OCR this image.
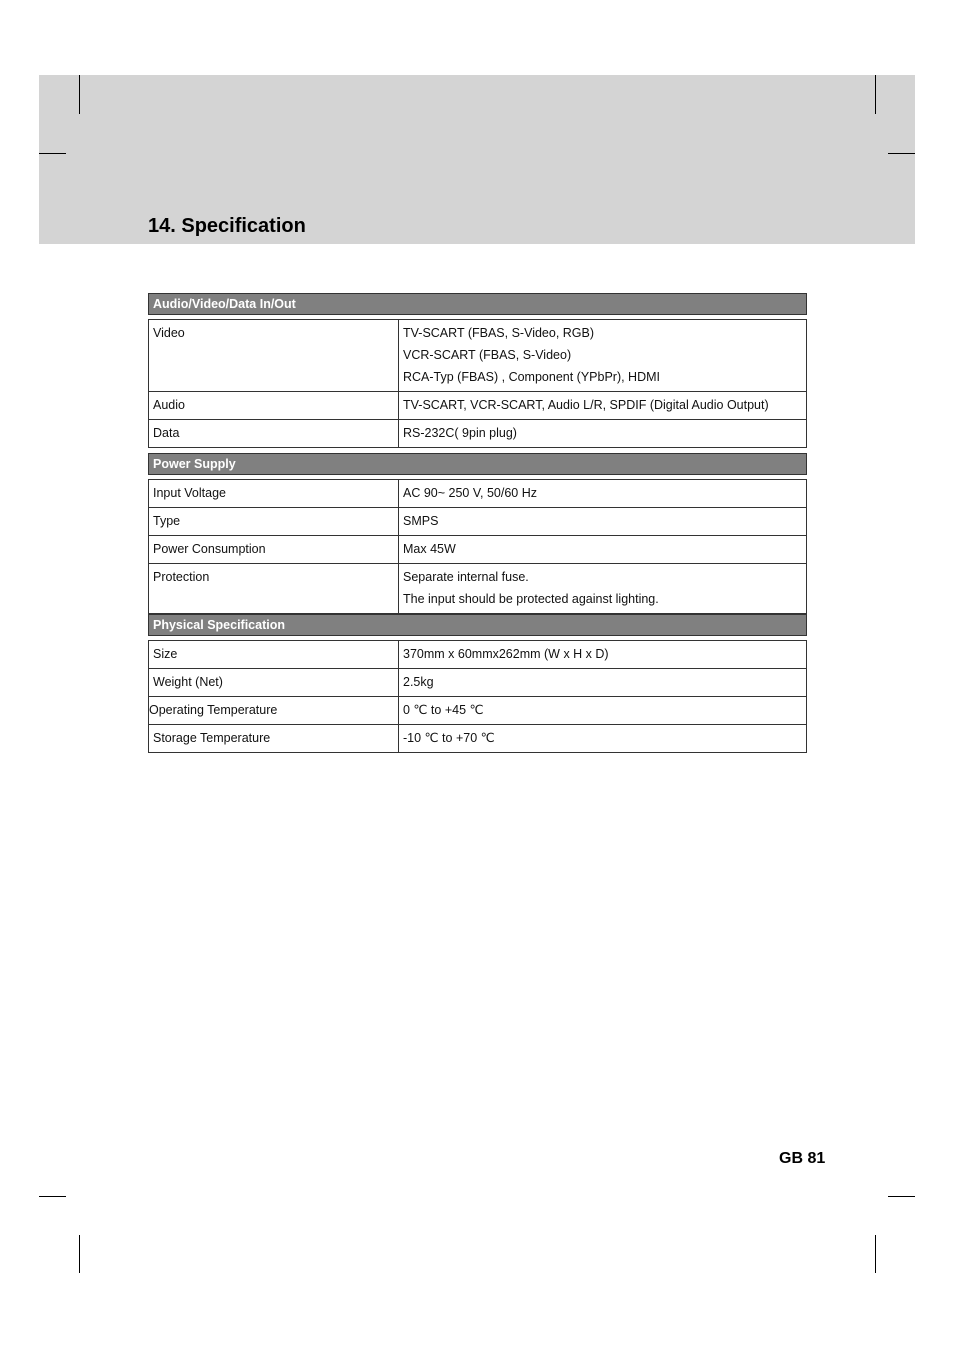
14. Specification
Audio/Video/Data In/Out
Video	TV-SCART (FBAS, S-Video, RGB)
VCR-SCART (FBAS, S-Video)
RCA-Typ (FBAS) , Component (YPbPr), HDMI

Audio	TV-SCART, VCR-SCART, Audio L/R, SPDIF (Digital Audio Output)
Data	RS-232C( 9pin plug)
Power Supply
Input Voltage	AC 90~ 250 V, 50/60 Hz
Type	SMPS
Power Consumption	Max 45W
Protection	Separate internal fuse.
The input should be protected against lighting.
Physical Specification
Size	370mm x 60mmx262mm (W x H x D)
Weight (Net)	2.5kg
Operating Temperature	0 ℃ to +45 ℃
Storage Temperature	-10 ℃ to +70 ℃
GB 81
